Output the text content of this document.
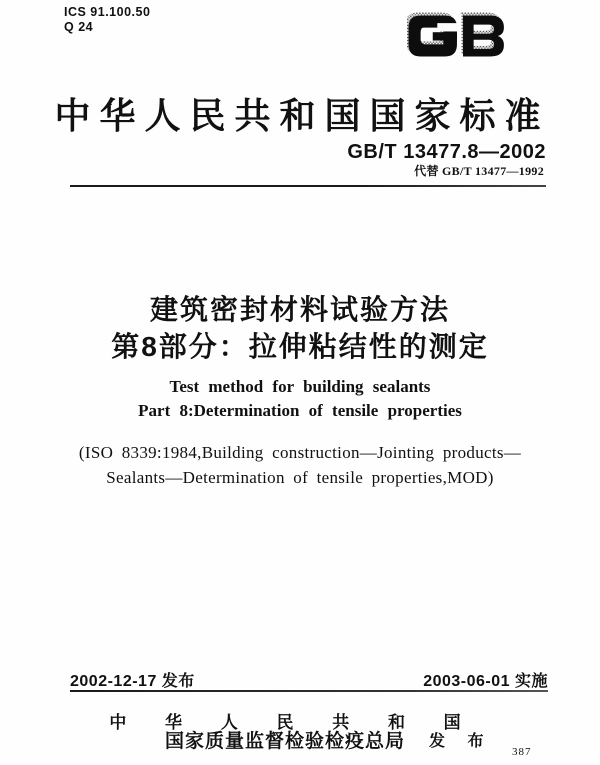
ICS 91.100.50
Q 24
中华人民共和国国家标准
GB/T 13477.8—2002
代替 GB/T 13477—1992
建筑密封材料试验方法
第8部分：拉伸粘结性的测定
Test method for building sealants
Part 8:Determination of tensile properties
(ISO 8339:1984,Building construction—Jointing products—
Sealants—Determination of tensile properties,MOD)
2002-12-17 发布	2003-06-01 实施
中 华 人 民 共 和 国
国家质量监督检验检疫总局	发 布
387
